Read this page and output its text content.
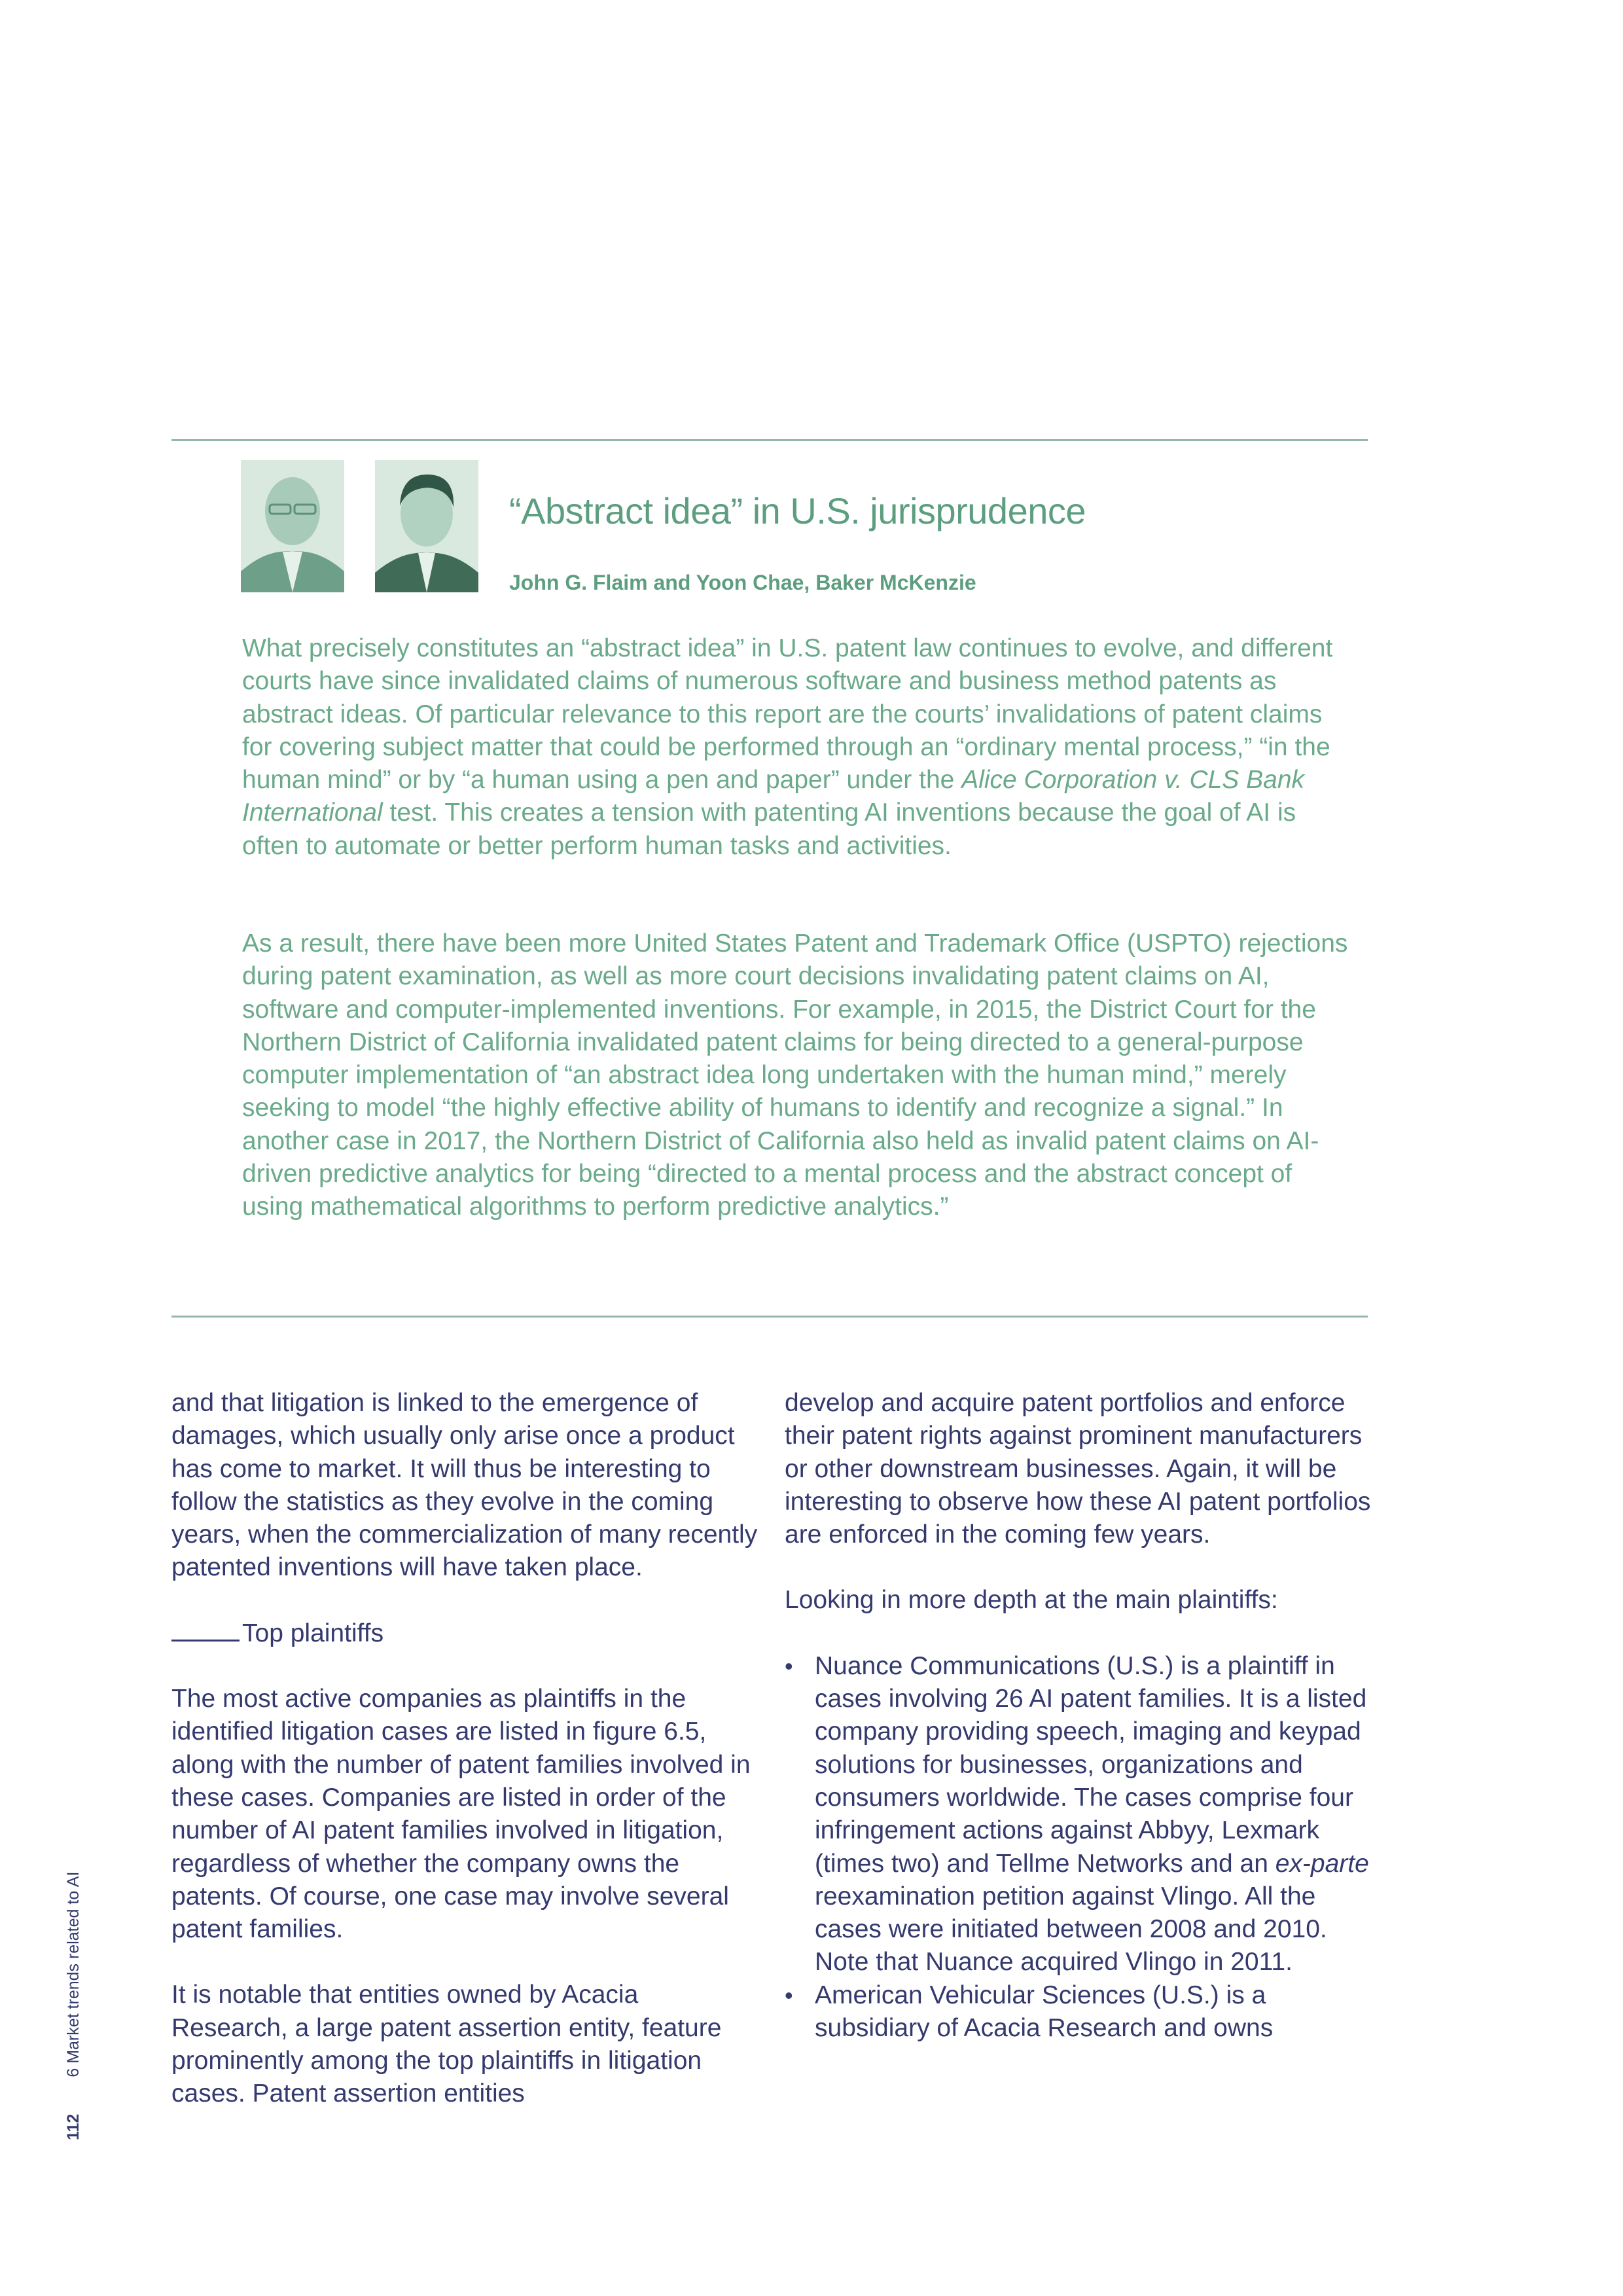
“Abstract idea” in U.S. jurisprudence
John G. Flaim and Yoon Chae, Baker McKenzie

What precisely constitutes an “abstract idea” in U.S. patent law continues to evolve, and different courts have since invalidated claims of numerous software and business method patents as abstract ideas. Of particular relevance to this report are the courts’ invalidations of patent claims for covering subject matter that could be performed through an “ordinary mental process,” “in the human mind” or by “a human using a pen and paper” under the Alice Corporation v. CLS Bank International test. This creates a tension with patenting AI inventions because the goal of AI is often to automate or better perform human tasks and activities.

As a result, there have been more United States Patent and Trademark Office (USPTO) rejections during patent examination, as well as more court decisions invalidating patent claims on AI, software and computer-implemented inventions. For example, in 2015, the District Court for the Northern District of California invalidated patent claims for being directed to a general-purpose computer implementation of “an abstract idea long undertaken with the human mind,” merely seeking to model “the highly effective ability of humans to identify and recognize a signal.” In another case in 2017, the Northern District of California also held as invalid patent claims on AI-driven predictive analytics for being “directed to a mental process and the abstract concept of using mathematical algorithms to perform predictive analytics.”

and that litigation is linked to the emergence of damages, which usually only arise once a product has come to market. It will thus be interesting to follow the statistics as they evolve in the coming years, when the commercialization of many recently patented inventions will have taken place.

Top plaintiffs

The most active companies as plaintiffs in the identified litigation cases are listed in figure 6.5, along with the number of patent families involved in these cases. Companies are listed in order of the number of AI patent families involved in litigation, regardless of whether the company owns the patents. Of course, one case may involve several patent families.

It is notable that entities owned by Acacia Research, a large patent assertion entity, feature prominently among the top plaintiffs in litigation cases. Patent assertion entities

develop and acquire patent portfolios and enforce their patent rights against prominent manufacturers or other downstream businesses. Again, it will be interesting to observe how these AI patent portfolios are enforced in the coming few years.

Looking in more depth at the main plaintiffs:

• Nuance Communications (U.S.) is a plaintiff in cases involving 26 AI patent families. It is a listed company providing speech, imaging and keypad solutions for businesses, organizations and consumers worldwide. The cases comprise four infringement actions against Abbyy, Lexmark (times two) and Tellme Networks and an ex-parte reexamination petition against Vlingo. All the cases were initiated between 2008 and 2010. Note that Nuance acquired Vlingo in 2011.
• American Vehicular Sciences (U.S.) is a subsidiary of Acacia Research and owns
1126 Market trends related to AI
